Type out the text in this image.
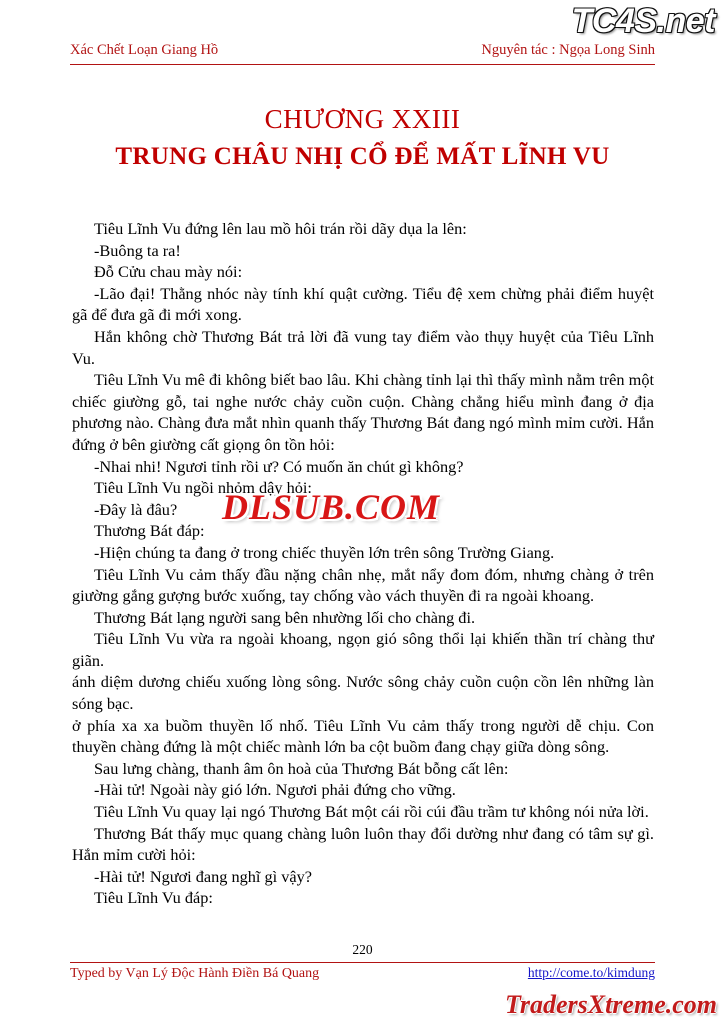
TC4S.net
Xác Chết Loạn Giang Hồ	Nguyên tác : Ngọa Long Sinh
CHƯƠNG XXIII
TRUNG CHÂU NHỊ CỔ ĐỂ MẤT LĨNH VU

Tiêu Lĩnh Vu đứng lên lau mồ hôi trán rồi dãy dụa la lên:

-Buông ta ra!

Đỗ Cửu chau mày nói:

-Lão đại! Thằng nhóc này tính khí quật cường. Tiểu đệ xem chừng phải điểm huyệt gã để đưa gã đi mới xong.

Hắn không chờ Thương Bát trả lời đã vung tay điểm vào thụy huyệt của Tiêu Lĩnh Vu.

Tiêu Lĩnh Vu mê đi không biết bao lâu. Khi chàng tỉnh lại thì thấy mình nằm trên một chiếc giường gỗ, tai nghe nước chảy cuồn cuộn. Chàng chẳng hiểu mình đang ở địa phương nào. Chàng đưa mắt nhìn quanh thấy Thương Bát đang ngó mình mỉm cười. Hắn đứng ở bên giường cất giọng ôn tồn hỏi:

-Nhai nhi! Ngươi tỉnh rồi ư? Có muốn ăn chút gì không?

Tiêu Lĩnh Vu ngồi nhỏm dậy hỏi:

-Đây là đâu?

Thương Bát đáp:

-Hiện chúng ta đang ở trong chiếc thuyền lớn trên sông Trường Giang.

Tiêu Lĩnh Vu cảm thấy đầu nặng chân nhẹ, mắt nẩy đom đóm, nhưng chàng ở trên giường gắng gượng bước xuống, tay chống vào vách thuyền đi ra ngoài khoang.

Thương Bát lạng người sang bên nhường lối cho chàng đi.

Tiêu Lĩnh Vu vừa ra ngoài khoang, ngọn gió sông thổi lại khiến thần trí chàng thư giãn.

ánh diệm dương chiếu xuống lòng sông. Nước sông chảy cuồn cuộn cồn lên những làn sóng bạc.

ở phía xa xa buồm thuyền lố nhố. Tiêu Lĩnh Vu cảm thấy trong người dễ chịu. Con thuyền chàng đứng là một chiếc mành lớn ba cột buồm đang chạy giữa dòng sông.

Sau lưng chàng, thanh âm ôn hoà của Thương Bát bỗng cất lên:

-Hài tử! Ngoài này gió lớn. Ngươi phải đứng cho vững.

Tiêu Lĩnh Vu quay lại ngó Thương Bát một cái rồi cúi đầu trầm tư không nói nửa lời.

Thương Bát thấy mục quang chàng luôn luôn thay đổi dường như đang có tâm sự gì. Hắn mỉm cười hỏi:

-Hài tử! Ngươi đang nghĩ gì vậy?

Tiêu Lĩnh Vu đáp:

DLSUB.COM
220
Typed by Vạn Lý Độc Hành Điền Bá Quang	http://come.to/kimdung
TradersXtreme.com
